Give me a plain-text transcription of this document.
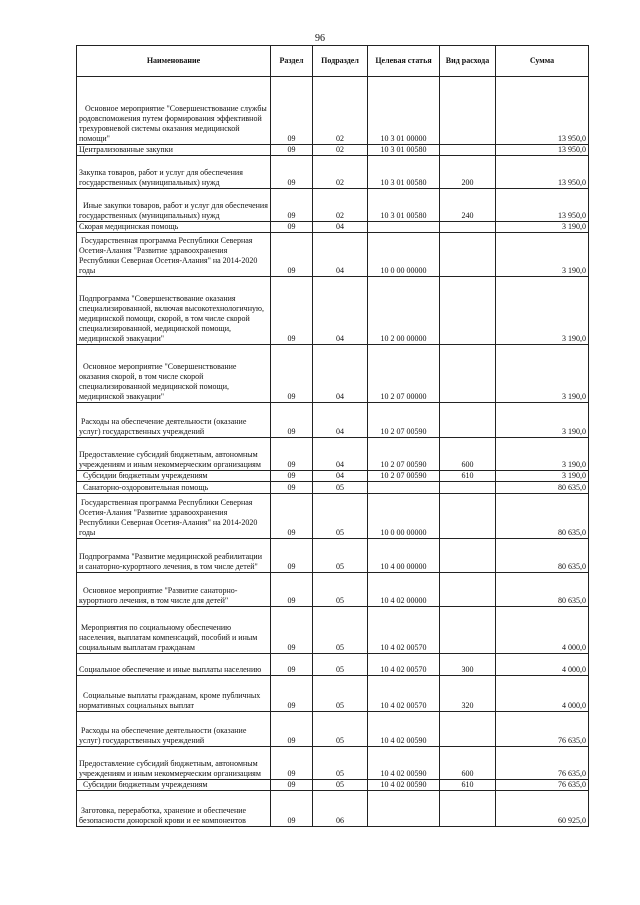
96
Наименование	Раздел	Подраздел	Целевая статья	Вид расхода	Сумма
Основное мероприятие "Совершенствование службы родовспоможения путем формирования эффективной трехуровневой системы оказания медицинской помощи"	09	02	10 3 01 00000		13 950,0
Централизованные закупки	09	02	10 3 01 00580		13 950,0
Закупка товаров, работ и услуг для обеспечения государственных (муниципальных) нужд	09	02	10 3 01 00580	200	13 950,0
Иные закупки товаров, работ и услуг для обеспечения государственных (муниципальных) нужд	09	02	10 3 01 00580	240	13 950,0
Скорая медицинская помощь	09	04			3 190,0
Государственная программа Республики Северная Осетия-Алания "Развитие здравоохранения Республики Северная Осетия-Алания" на 2014-2020 годы	09	04	10 0 00 00000		3 190,0
Подпрограмма "Совершенствование оказания специализированной, включая высокотехнологичную, медицинской помощи, скорой, в том числе скорой специализированной, медицинской помощи, медицинской эвакуации"	09	04	10 2 00 00000		3 190,0
Основное мероприятие "Совершенствование оказания скорой, в том числе скорой специализированной медицинской помощи, медицинской эвакуации"	09	04	10 2 07 00000		3 190,0
Расходы на обеспечение деятельности (оказание услуг) государственных учреждений	09	04	10 2 07 00590		3 190,0
Предоставление субсидий бюджетным, автономным учреждениям и иным некоммерческим организациям	09	04	10 2 07 00590	600	3 190,0
Субсидии бюджетным учреждениям	09	04	10 2 07 00590	610	3 190,0
Санаторно-оздоровительная помощь	09	05			80 635,0
Государственная программа Республики Северная Осетия-Алания "Развитие здравоохранения Республики Северная Осетия-Алания" на 2014-2020 годы	09	05	10 0 00 00000		80 635,0
Подпрограмма "Развитие медицинской реабилитации и санаторно-курортного лечения, в том числе детей"	09	05	10 4 00 00000		80 635,0
Основное мероприятие "Развитие санаторно-курортного лечения, в том числе для детей"	09	05	10 4 02 00000		80 635,0
Мероприятия по социальному обеспечению населения, выплатам компенсаций, пособий и иным социальным выплатам гражданам	09	05	10 4 02 00570		4 000,0
Социальное обеспечение и иные выплаты населению	09	05	10 4 02 00570	300	4 000,0
Социальные выплаты гражданам, кроме публичных нормативных социальных выплат	09	05	10 4 02 00570	320	4 000,0
Расходы на обеспечение деятельности (оказание услуг) государственных учреждений	09	05	10 4 02 00590		76 635,0
Предоставление субсидий бюджетным, автономным учреждениям и иным некоммерческим организациям	09	05	10 4 02 00590	600	76 635,0
Субсидии бюджетным учреждениям	09	05	10 4 02 00590	610	76 635,0
Заготовка, переработка, хранение и обеспечение безопасности донорской крови и ее компонентов	09	06			60 925,0
